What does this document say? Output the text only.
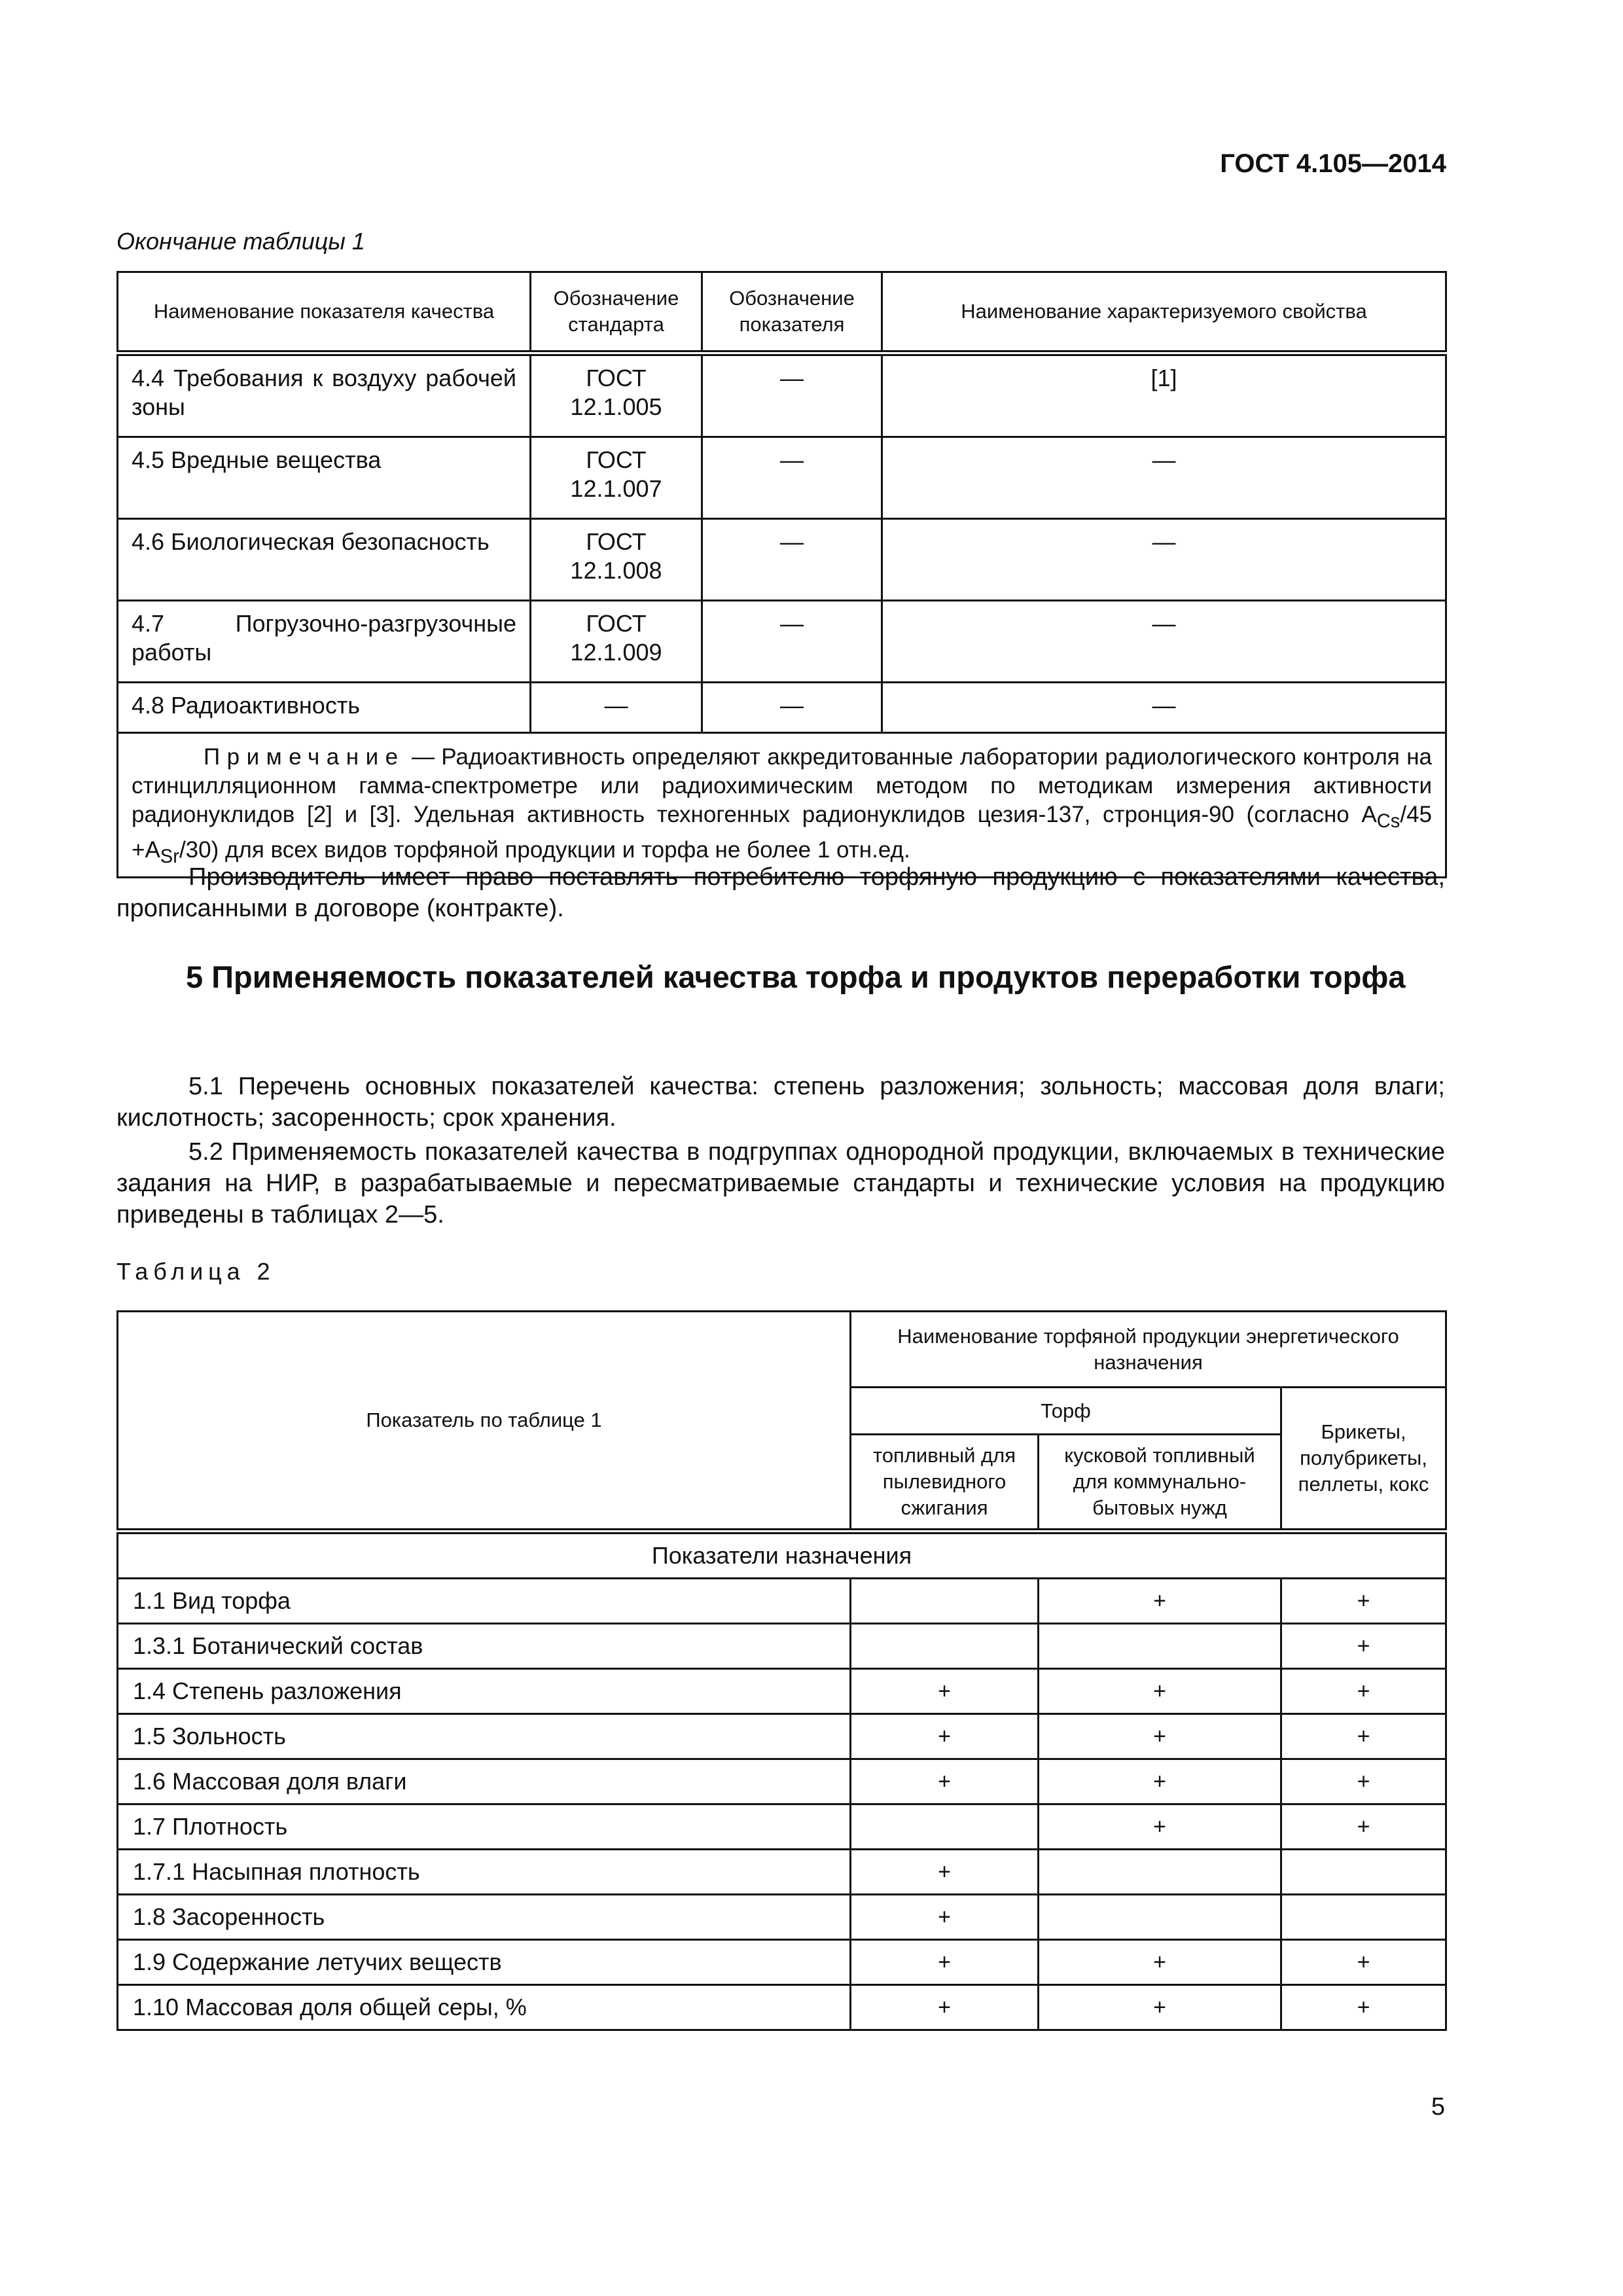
ГОСТ 4.105—2014
Окончание таблицы 1
Наименование показателя качества	Обозначение стандарта	Обозначение показателя	Наименование характеризуемого свойства
4.4 Требования к воздуху рабочей зоны	ГОСТ 12.1.005	—	[1]
4.5 Вредные вещества	ГОСТ 12.1.007	—	—
4.6 Биологическая безопасность	ГОСТ 12.1.008	—	—
4.7 Погрузочно-разгрузочные работы	ГОСТ 12.1.009	—	—
4.8 Радиоактивность	—	—	—
Примечание — Радиоактивность определяют аккредитованные лаборатории радиологического контроля на стинцилляционном гамма-спектрометре или радиохимическим методом по методикам измерения активности радионуклидов [2] и [3]. Удельная активность техногенных радионуклидов цезия-137, стронция-90 (согласно $A_{Cs}/45 +A_{Sr}/30$) для всех видов торфяной продукции и торфа не более 1 отн.ед.			

Производитель имеет право поставлять потребителю торфяную продукцию с показателями качества, прописанными в договоре (контракте).

5 Применяемость показателей качества торфа и продуктов переработки торфа

5.1 Перечень основных показателей качества: степень разложения; зольность; массовая доля влаги; кислотность; засоренность; срок хранения.

5.2 Применяемость показателей качества в подгруппах однородной продукции, включаемых в технические задания на НИР, в разрабатываемые и пересматриваемые стандарты и технические условия на продукцию приведены в таблицах 2—5.

Таблица 2
Показатель по таблице 1	Наименование торфяной продукции энергетического назначения		
	Торф		Брикеты, полубрикеты, пеллеты, кокс
	топливный для пылевидного сжигания	кусковой топливный для коммунально-бытовых нужд	
Показатели назначения			
1.1 Вид торфа		+	+
1.3.1 Ботанический состав			+
1.4 Степень разложения	+	+	+
1.5 Зольность	+	+	+
1.6 Массовая доля влаги	+	+	+
1.7 Плотность		+	+
1.7.1 Насыпная плотность	+		
1.8 Засоренность	+		
1.9 Содержание летучих веществ	+	+	+
1.10 Массовая доля общей серы, %	+	+	+
5
